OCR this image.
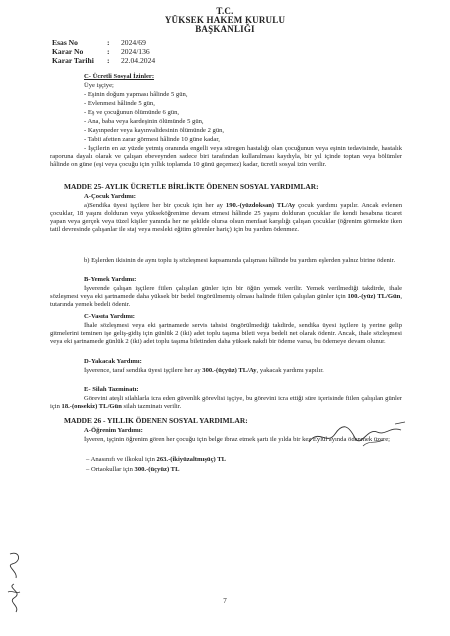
T.C.
YÜKSEK HAKEM KURULU
BAŞKANLIĞI
Esas No	: 2024/69
Karar No	: 2024/136
Karar Tarihi : 22.04.2024
C- Ücretli Sosyal İzinler:
Üye işçiye;
- Eşinin doğum yapması hâlinde 5 gün,
- Evlenmesi hâlinde 5 gün,
- Eş ve çocuğunun ölümünde 6 gün,
- Ana, baba veya kardeşinin ölümünde 5 gün,
- Kayınpeder veya kayınvalidesinin ölümünde 2 gün,
- Tabii afetten zarar görmesi hâlinde 10 güne kadar,
- İşçilerin en az yüzde yetmiş oranında engelli veya süregen hastalığı olan çocuğunun veya eşinin tedavisinde, hastalık raporuna dayalı olarak ve çalışan ebeveynden sadece biri tarafından kullanılması kaydıyla, bir yıl içinde toptan veya bölümler hâlinde on güne (eşi veya çocuğu için yıllık toplamda 10 günü geçemez) kadar, ücretli sosyal izin verilir.
MADDE 25- AYLIK ÜCRETLE BİRLİKTE ÖDENEN SOSYAL YARDIMLAR:
A-Çocuk Yardımı:
a)Sendika üyesi işçilere her bir çocuk için her ay 190.-(yüzdoksan) TL/Ay çocuk yardımı yapılır. Ancak evlenen çocuklar, 18 yaşını dolduran veya yükseköğrenime devam etmesi hâlinde 25 yaşını dolduran çocuklar ile kendi hesabına ticaret yapan veya gerçek veya tüzel kişiler yanında her ne şekilde olursa olsun menfaat karşılığı çalışan çocuklar (öğrenim görmekte iken tatil devresinde çalışanlar ile staj veya mesleki eğitim görenler hariç) için bu yardım ödenmez.
b) Eşlerden ikisinin de aynı toplu iş sözleşmesi kapsamında çalışması hâlinde bu yardım eşlerden yalnız birine ödenir.
B-Yemek Yardımı:
İşverende çalışan işçilere fiilen çalışılan günler için bir öğün yemek verilir. Yemek verilmediği takdirde, ihale sözleşmesi veya eki şartnamede daha yüksek bir bedel öngörülmemiş olması halinde fiilen çalışılan günler için 100.-(yüz) TL/Gün, tutarında yemek bedeli ödenir.
C-Vasıta Yardımı:
İhale sözleşmesi veya eki şartnamede servis tahsisi öngörülmediği takdirde, sendika üyesi işçilere iş yerine gelip gitmelerini teminen işe geliş-gidiş için günlük 2 (iki) adet toplu taşıma bileti veya bedeli net olarak ödenir. Ancak, ihale sözleşmesi veya eki şartnamede günlük 2 (iki) adet toplu taşıma biletinden daha yüksek nakdi bir ödeme varsa, bu ödemeye devam olunur.
D-Yakacak Yardımı:
İşverence, taraf sendika üyesi işçilere her ay 300.-(üçyüz) TL/Ay, yakacak yardımı yapılır.
E- Silah Tazminatı:
Görevini ateşli silahlarla icra eden güvenlik görevlisi işçiye, bu görevini icra ettiği süre içerisinde fiilen çalışılan günler için 18.-(onsekiz) TL/Gün silah tazminatı verilir.
MADDE 26 - YILLIK ÖDENEN SOSYAL YARDIMLAR:
A-Öğrenim Yardımı:
İşveren, işçinin öğrenim gören her çocuğu için belge ibraz etmek şartı ile yılda bir kez Eylül ayında ödenmek üzere;
– Anasınıfı ve ilkokul için 263.-(ikiyüzaltmışüç) TL
– Ortaokullar için 300.-(üçyüz) TL
7
